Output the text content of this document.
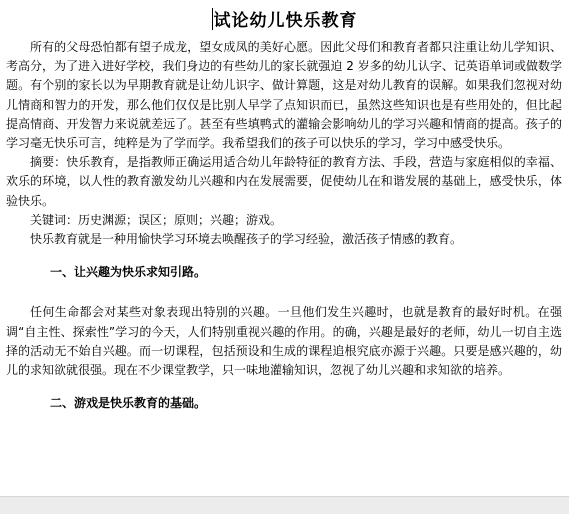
试论幼儿快乐教育

所有的父母恐怕都有望子成龙，望女成凤的美好心愿。因此父母们和教育者都只注重让幼儿学知识、考高分，为了进入进好学校，我们身边的有些幼儿的家长就强迫 2 岁多的幼儿认字、记英语单词或做数学题。有个别的家长以为早期教育就是让幼儿识字、做计算题，这是对幼儿教育的误解。如果我们忽视对幼儿情商和智力的开发，那么他们仅仅是比别人早学了点知识而已，虽然这些知识也是有些用处的，但比起提高情商、开发智力来说就差远了。甚至有些填鸭式的灌输会影响幼儿的学习兴趣和情商的提高。孩子的学习毫无快乐可言，纯粹是为了学而学。我希望我们的孩子可以快乐的学习，学习中感受快乐。

摘要：快乐教育，是指教师正确运用适合幼儿年龄特征的教育方法、手段，营造与家庭相似的幸福、欢乐的环境，以人性的教育激发幼儿兴趣和内在发展需要，促使幼儿在和谐发展的基础上，感受快乐，体验快乐。

关键词：历史渊源；误区；原则；兴趣；游戏。

快乐教育就是一种用愉快学习环境去唤醒孩子的学习经验，激活孩子情感的教育。

一、让兴趣为快乐求知引路。

任何生命都会对某些对象表现出特别的兴趣。一旦他们发生兴趣时，也就是教育的最好时机。在强调“自主性、探索性”学习的今天，人们特别重视兴趣的作用。的确，兴趣是最好的老师，幼儿一切自主选择的活动无不始自兴趣。而一切课程，包括预设和生成的课程追根究底亦源于兴趣。只要是感兴趣的，幼儿的求知欲就很强。现在不少课堂教学，只一味地灌输知识，忽视了幼儿兴趣和求知欲的培养。

二、游戏是快乐教育的基础。
